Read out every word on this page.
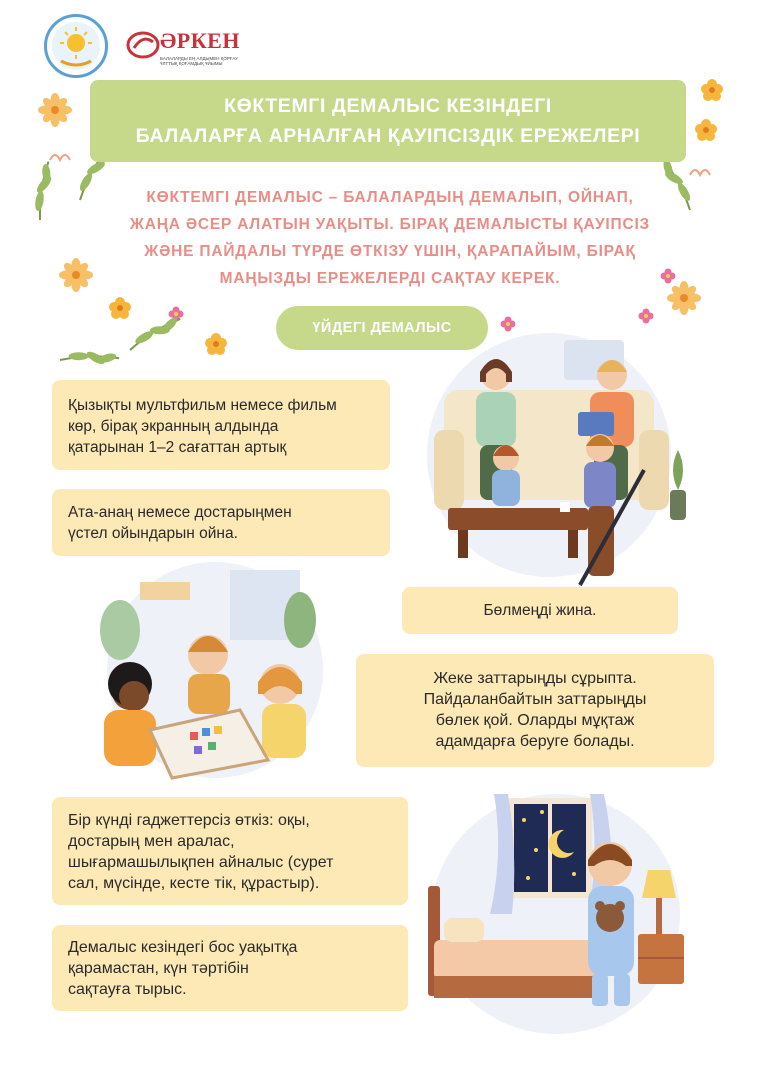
ӘРКЕН
БАЛАЛАРДЫ ЕҢ АЛДЫМЕН ҚОРҒАУ ҰЛТТЫҚ ҚОҒАМДЫҚ ҰЙЫМЫ
КӨКТЕМГІ ДЕМАЛЫС КЕЗІНДЕГІ
БАЛАЛАРҒА АРНАЛҒАН ҚАУІПСІЗДІК ЕРЕЖЕЛЕРІ
КӨКТЕМГІ ДЕМАЛЫС – БАЛАЛАРДЫҢ ДЕМАЛЫП, ОЙНАП,
ЖАҢА ӘСЕР АЛАТЫН УАҚЫТЫ. БІРАҚ ДЕМАЛЫСТЫ ҚАУІПСІЗ
ЖӘНЕ ПАЙДАЛЫ ТҮРДЕ ӨТКІЗУ ҮШІН, ҚАРАПАЙЫМ, БІРАҚ
МАҢЫЗДЫ ЕРЕЖЕЛЕРДІ САҚТАУ КЕРЕК.
ҮЙДЕГІ ДЕМАЛЫС
Қызықты мультфильм немесе фильм
көр, бірақ экранның алдында
қатарынан 1–2 сағаттан артық
Ата-анаң немесе достарыңмен
үстел ойындарын ойна.
Бөлмеңді жина.
Жеке заттарыңды сұрыпта.
Пайдаланбайтын заттарыңды
бөлек қой. Оларды мұқтаж
адамдарға беруге болады.
Бір күнді гаджеттерсіз өткіз: оқы,
достарың мен аралас,
шығармашылықпен айналыс (сурет
сал, мүсінде, кесте тік, құрастыр).
Демалыс кезіндегі бос уақытқа
қарамастан, күн тәртібін
сақтауға тырыс.
